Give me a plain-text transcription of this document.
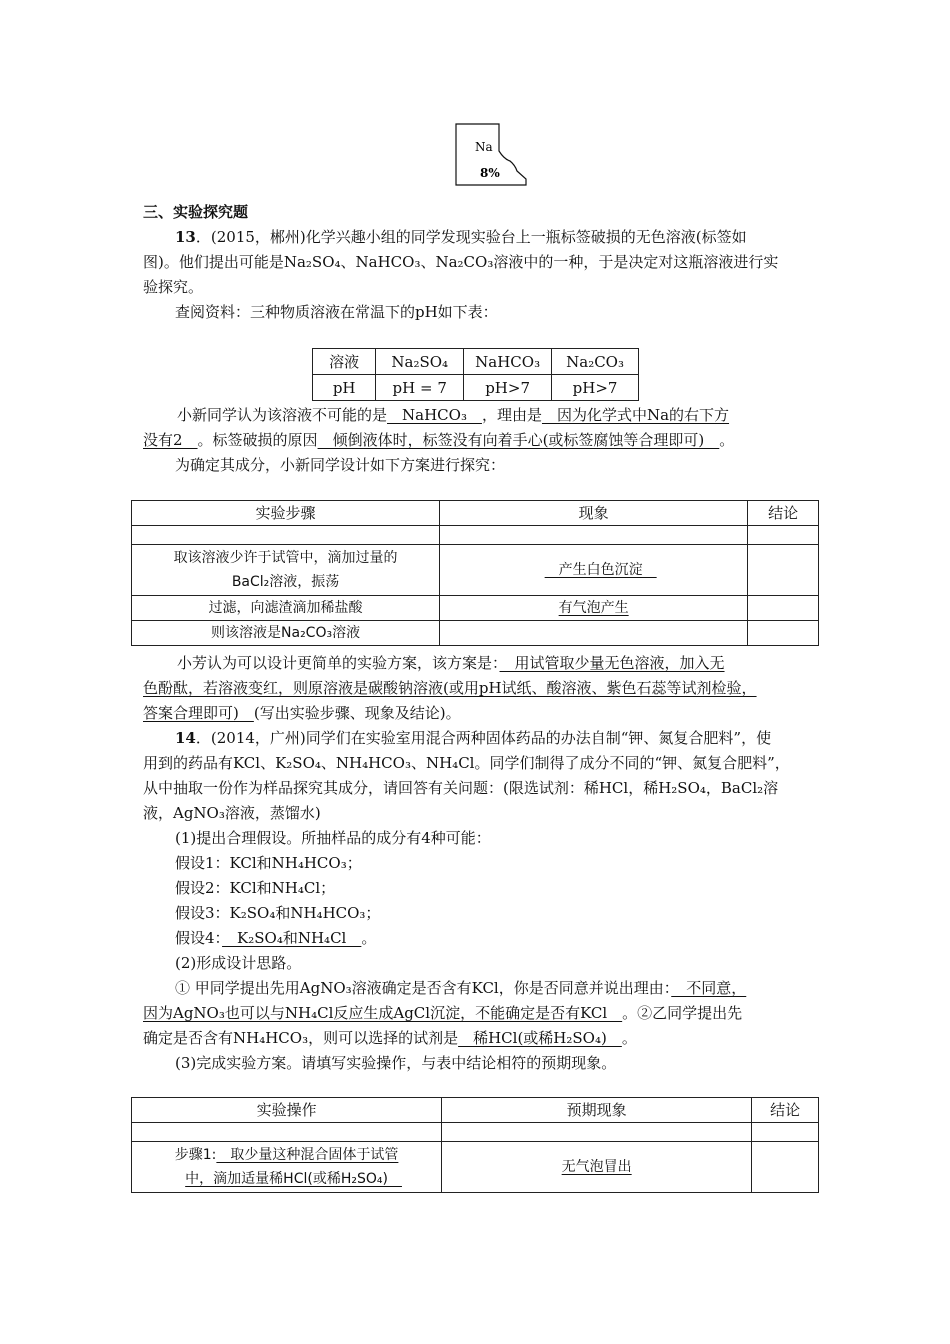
Na
8%
三、实验探究题
13．(2015，郴州)化学兴趣小组的同学发现实验台上一瓶标签破损的无色溶液(标签如
图)。他们提出可能是Na₂SO₄、NaHCO₃、Na₂CO₃溶液中的一种，于是决定对这瓶溶液进行实
验探究。
查阅资料：三种物质溶液在常温下的pH如下表：
溶液	Na₂SO₄	NaHCO₃	Na₂CO₃
pH	pH = 7	pH>7	pH>7
小新同学认为该溶液不可能的是　NaHCO₃　，理由是　因为化学式中Na的右下方
没有2　。标签破损的原因　倾倒液体时，标签没有向着手心(或标签腐蚀等合理即可)　。
为确定其成分，小新同学设计如下方案进行探究：
实验步骤	现象	结论

取该溶液少许于试管中，滴加过量的
BaCl₂溶液，振荡	　产生白色沉淀　	
过滤，向滤渣滴加稀盐酸	有气泡产生	
则该溶液是Na₂CO₃溶液		
小芳认为可以设计更简单的实验方案，该方案是：　用试管取少量无色溶液，加入无
色酚酞，若溶液变红，则原溶液是碳酸钠溶液(或用pH试纸、酸溶液、紫色石蕊等试剂检验，
答案合理即可)　(写出实验步骤、现象及结论)。
14．(2014，广州)同学们在实验室用混合两种固体药品的办法自制“钾、氮复合肥料”，使
用到的药品有KCl、K₂SO₄、NH₄HCO₃、NH₄Cl。同学们制得了成分不同的“钾、氮复合肥料”，
从中抽取一份作为样品探究其成分，请回答有关问题：(限选试剂：稀HCl，稀H₂SO₄，BaCl₂溶
液，AgNO₃溶液，蒸馏水)
(1)提出合理假设。所抽样品的成分有4种可能：
假设1：KCl和NH₄HCO₃；
假设2：KCl和NH₄Cl；
假设3：K₂SO₄和NH₄HCO₃；
假设4：　K₂SO₄和NH₄Cl　。
(2)形成设计思路。
① 甲同学提出先用AgNO₃溶液确定是否含有KCl，你是否同意并说出理由：　不同意，
因为AgNO₃也可以与NH₄Cl反应生成AgCl沉淀，不能确定是否有KCl　。②乙同学提出先
确定是否含有NH₄HCO₃，则可以选择的试剂是　稀HCl(或稀H₂SO₄)　。
(3)完成实验方案。请填写实验操作，与表中结论相符的预期现象。
实验操作	预期现象	结论

步骤1:　取少量这种混合固体于试管
中，滴加适量稀HCl(或稀H₂SO₄)　	无气泡冒出	
